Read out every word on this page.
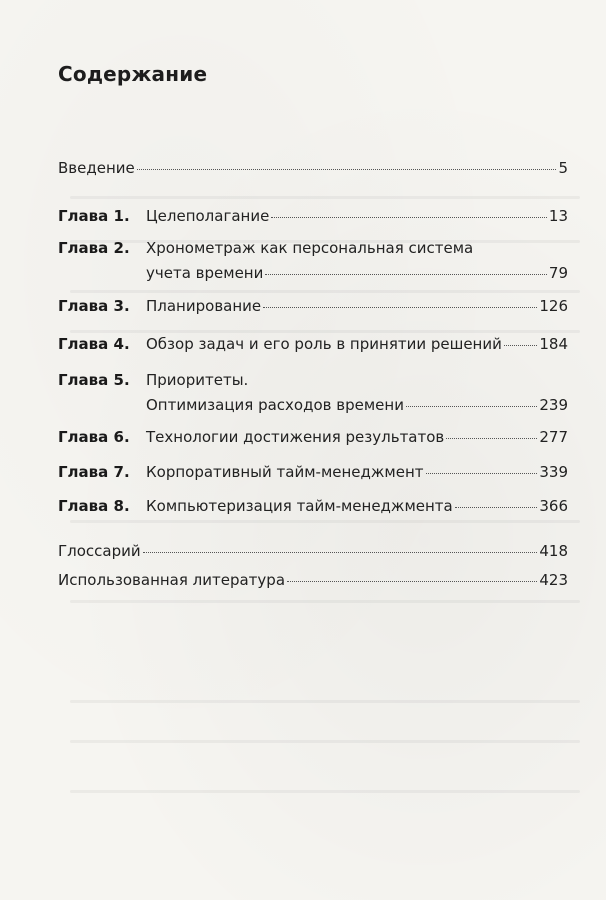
Содержание
Введение	5
Глава 1. Целеполагание	13
Глава 2. Хронометраж как персональная система
учета времени	79
Глава 3. Планирование	126
Глава 4. Обзор задач и его роль в принятии решений	184
Глава 5. Приоритеты.
Оптимизация расходов времени	239
Глава 6. Технологии достижения результатов	277
Глава 7. Корпоративный тайм-менеджмент	339
Глава 8. Компьютеризация тайм-менеджмента	366
Глоссарий	418
Использованная литература	423
